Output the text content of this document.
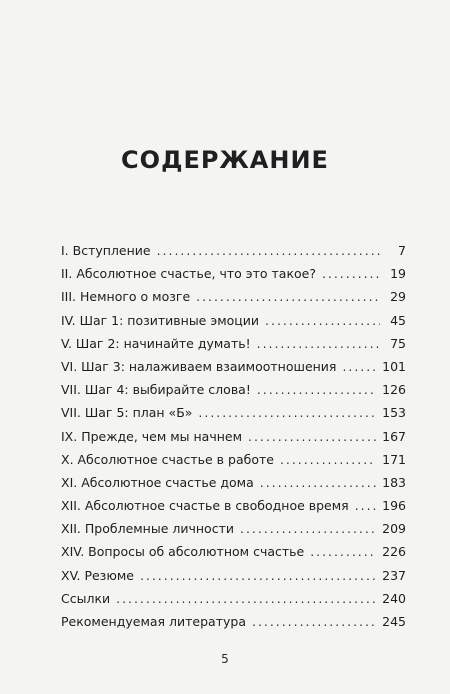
СОДЕРЖАНИЕ
I. Вступление . . .	7
II. Абсолютное счастье, что это такое? . . .	19
III. Немного о мозге . . .	29
IV. Шаг 1: позитивные эмоции . . .	45
V. Шаг 2: начинайте думать! . . .	75
VI. Шаг 3: налаживаем взаимоотношения . . .	101
VII. Шаг 4: выбирайте слова! . . .	126
VII. Шаг 5: план «Б» . . .	153
IX. Прежде, чем мы начнем . . .	167
X. Абсолютное счастье в работе . . .	171
XI. Абсолютное счастье дома . . .	183
XII. Абсолютное счастье в свободное время . . .	196
XII. Проблемные личности . . .	209
XIV. Вопросы об абсолютном счастье . . .	226
XV. Резюме . . .	237
Ссылки . . .	240
Рекомендуемая литература . . .	245
5
